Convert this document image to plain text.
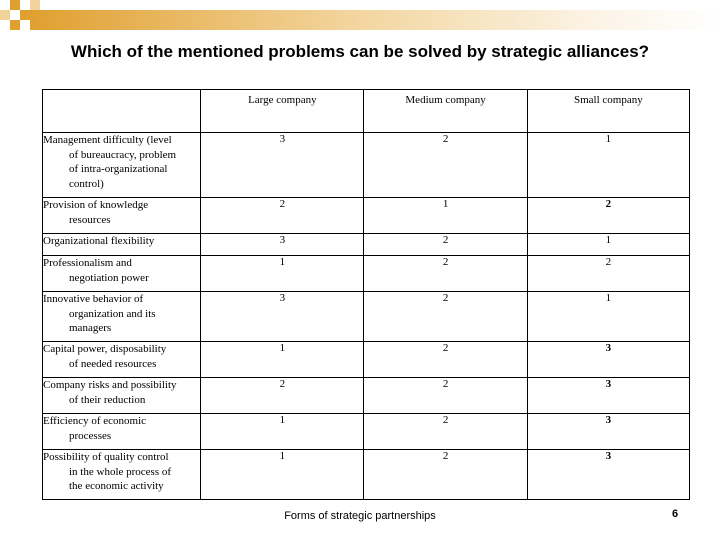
Which of the mentioned problems can be solved by strategic alliances?
	Large company	Medium company	Small company

Management difficulty (level
of bureaucracy, problem
of intra-organizational
control)	3	2	1

Provision of knowledge
resources	2	1	2

Organizational flexibility	3	2	1

Professionalism and
negotiation power	1	2	2

Innovative behavior of
organization and its
managers	3	2	1

Capital power, disposability
of needed resources	1	2	3

Company risks and possibility
of their reduction	2	2	3

Efficiency of economic
processes	1	2	3

Possibility of quality control
in the whole process of
the economic activity	1	2	3
Forms of strategic partnerships	6
